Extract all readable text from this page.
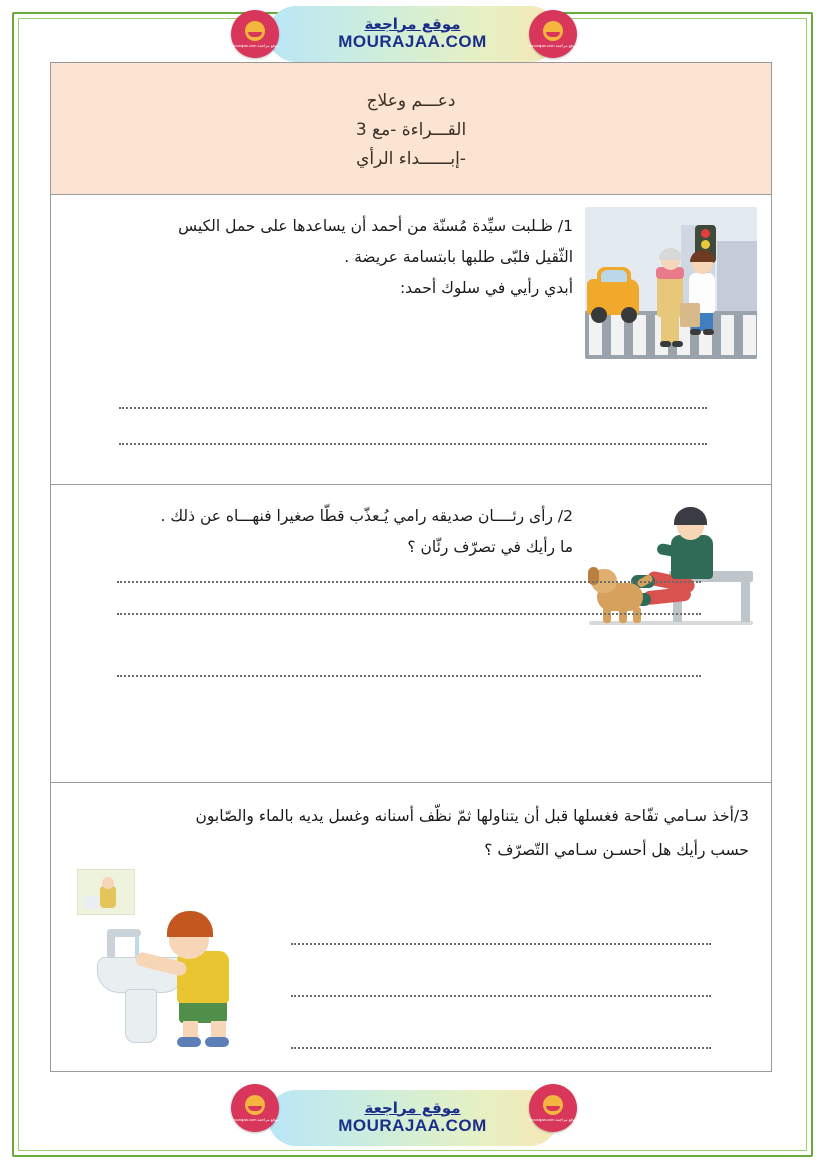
موقع مراجعة
MOURAJAA.COM
موقع مراجعة mourajaa.com	موقع مراجعة mourajaa.com
دعـــم وعلاج
القـــراءة -مع 3
-إبــــــداء الرأي
1/ ظـلبت سيِّدة مُسنّة من أحمد أن يساعدها على حمل الكيس
الثّقيل فلبّى طلبها بابتسامة عريضة .
أبدي رأيي في سلوك أحمد:
2/ رأى رئــــان صديقه رامي يُـعذّب قطّا صغيرا فنهـــاه عن ذلك .
ما رأيك في تصرّف رئّان ؟
3/أخذ سـامي تفّاحة فغسلها قبل أن يتناولها ثمّ نظّف أسنانه وغسل يديه بالماء والصّابون
حسب رأيك هل أحسـن سـامي التّصرّف ؟
موقع مراجعة
MOURAJAA.COM
موقع مراجعة mourajaa.com	موقع مراجعة mourajaa.com
